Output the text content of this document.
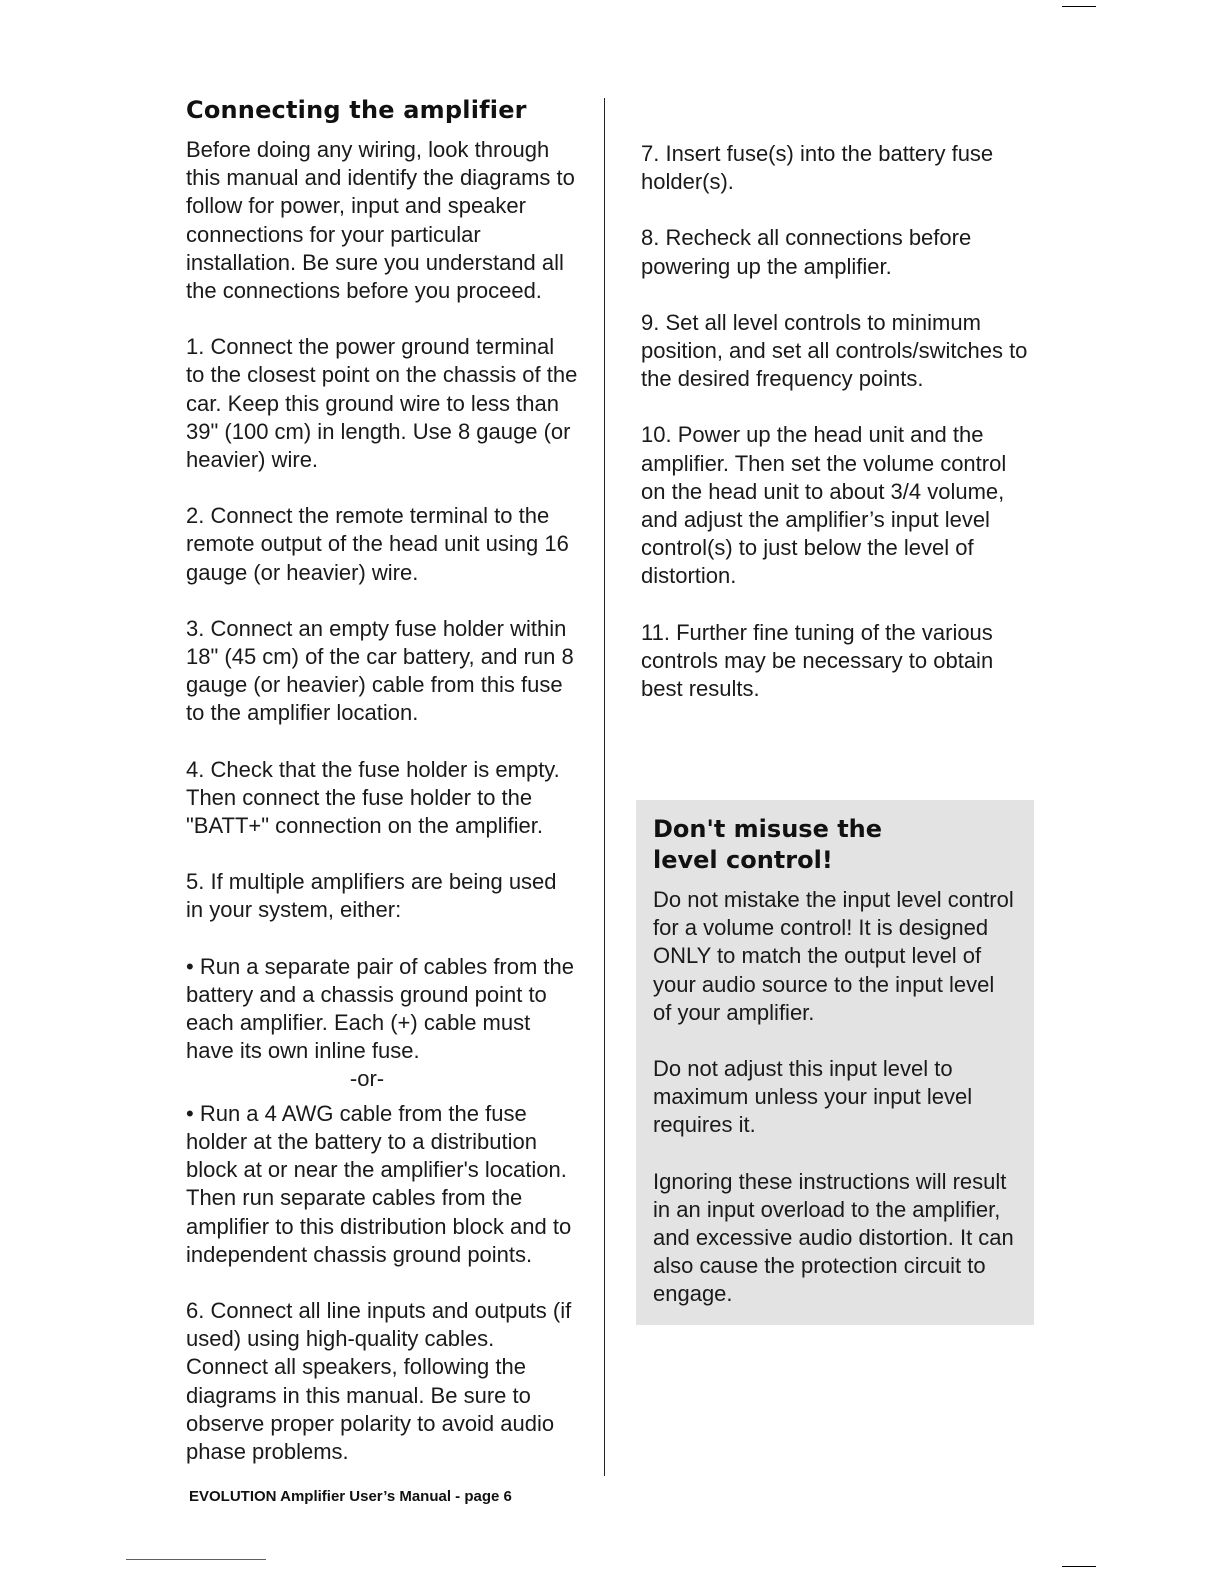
Connecting the amplifier

Before doing any wiring, look through this manual and identify the diagrams to follow for power, input and speaker connections for your particular installation. Be sure you understand all the connections before you proceed.

1. Connect the power ground terminal to the closest point on the chassis of the car. Keep this ground wire to less than 39" (100 cm) in length. Use 8 gauge (or heavier) wire.

2. Connect the remote terminal to the remote output of the head unit using 16 gauge (or heavier) wire.

3. Connect an empty fuse holder within 18" (45 cm) of the car battery, and run 8 gauge (or heavier) cable from this fuse to the amplifier location.

4. Check that the fuse holder is empty. Then connect the fuse holder to the "BATT+" connection on the amplifier.

5. If multiple amplifiers are being used in your system, either:

• Run a separate pair of cables from the battery and a chassis ground point to each amplifier. Each (+) cable must have its own inline fuse.

-or-

• Run a 4 AWG cable from the fuse holder at the battery to a distribution block at or near the amplifier's location. Then run separate cables from the amplifier to this distribution block and to independent chassis ground points.

6. Connect all line inputs and outputs (if used) using high-quality cables. Connect all speakers, following the diagrams in this manual. Be sure to observe proper polarity to avoid audio phase problems.

7. Insert fuse(s) into the battery fuse holder(s).

8. Recheck all connections before powering up the amplifier.

9. Set all level controls to minimum position, and set all controls/switches to the desired frequency points.

10. Power up the head unit and the amplifier. Then set the volume control on the head unit to about 3/4 volume, and adjust the amplifier’s input level control(s) to just below the level of distortion.

11. Further fine tuning of the various controls may be necessary to obtain best results.

Don't misuse the level control!

Do not mistake the input level control for a volume control! It is designed ONLY to match the output level of your audio source to the input level of your amplifier.

Do not adjust this input level to maximum unless your input level requires it.

Ignoring these instructions will result in an input overload to the amplifier, and excessive audio distortion. It can also cause the protection circuit to engage.

EVOLUTION Amplifier User’s Manual - page 6
